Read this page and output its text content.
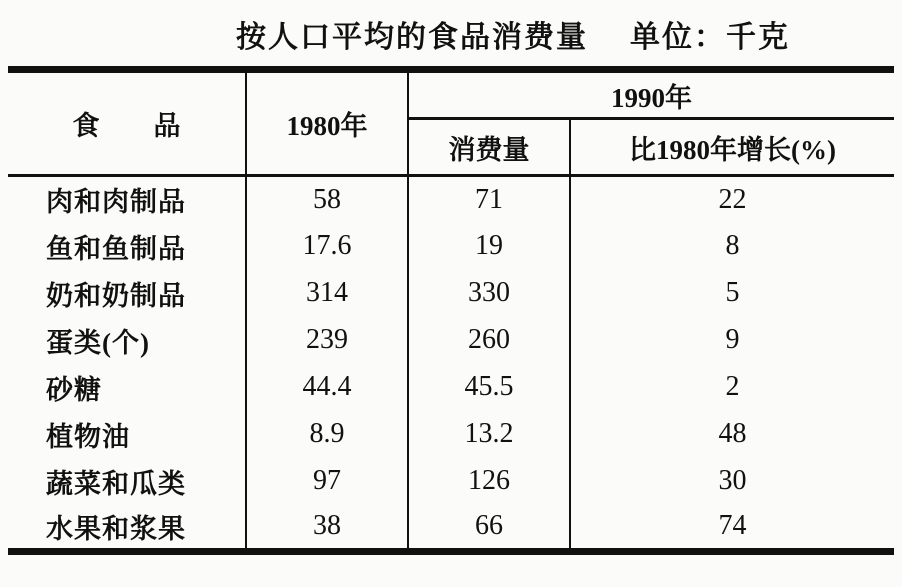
按人口平均的食品消费量 单位：千克
食　　品	1980年	1990年	
		消费量	比1980年增长(%)
肉和肉制品	58	71	22
鱼和鱼制品	17.6	19	8
奶和奶制品	314	330	5
蛋类(个)	239	260	9
砂糖	44.4	45.5	2
植物油	8.9	13.2	48
蔬菜和瓜类	97	126	30
水果和浆果	38	66	74
